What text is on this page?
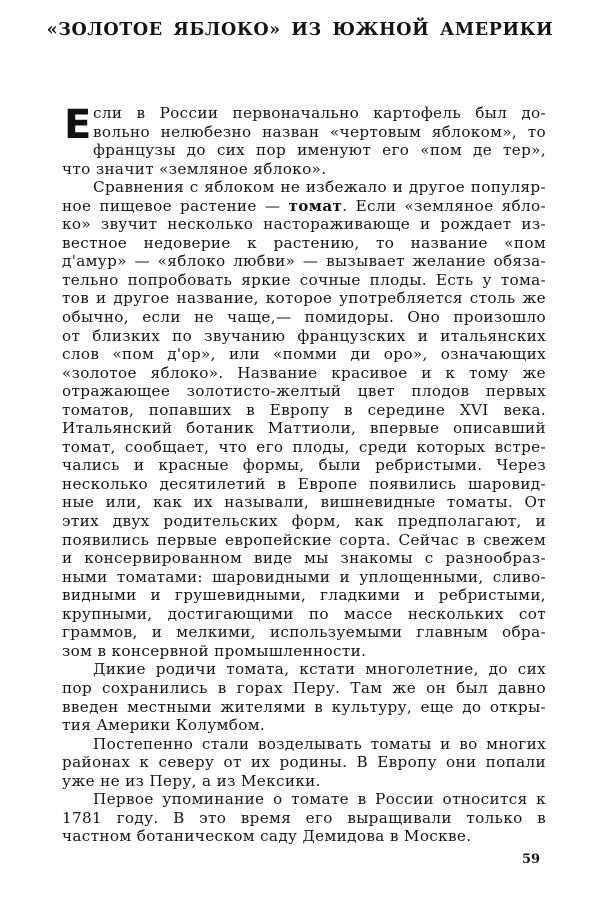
«ЗОЛОТОЕ ЯБЛОКО» ИЗ ЮЖНОЙ АМЕРИКИ
Е сли в России первоначально картофель был до-
вольно нелюбезно назван «чертовым яблоком», то
французы до сих пор именуют его «пом де тер»,
что значит «земляное яблоко».
Сравнения с яблоком не избежало и другое популяр-
ное пищевое растение — томат. Если «земляное ябло-
ко» звучит несколько настораживающе и рождает из-
вестное недоверие к растению, то название «пом
д'амур» — «яблоко любви» — вызывает желание обяза-
тельно попробовать яркие сочные плоды. Есть у тома-
тов и другое название, которое употребляется столь же
обычно, если не чаще,— помидоры. Оно произошло
от близких по звучанию французских и итальянских
слов «пом д'ор», или «помми ди оро», означающих
«золотое яблоко». Название красивое и к тому же
отражающее золотисто-желтый цвет плодов первых
томатов, попавших в Европу в середине XVI века.
Итальянский ботаник Маттиоли, впервые описавший
томат, сообщает, что его плоды, среди которых встре-
чались и красные формы, были ребристыми. Через
несколько десятилетий в Европе появились шаровид-
ные или, как их называли, вишневидные томаты. От
этих двух родительских форм, как предполагают, и
появились первые европейские сорта. Сейчас в свежем
и консервированном виде мы знакомы с разнообраз-
ными томатами: шаровидными и уплощенными, сливо-
видными и грушевидными, гладкими и ребристыми,
крупными, достигающими по массе нескольких сот
граммов, и мелкими, используемыми главным обра-
зом в консервной промышленности.
Дикие родичи томата, кстати многолетние, до сих
пор сохранились в горах Перу. Там же он был давно
введен местными жителями в культуру, еще до откры-
тия Америки Колумбом.
Постепенно стали возделывать томаты и во многих
районах к северу от их родины. В Европу они попали
уже не из Перу, а из Мексики.
Первое упоминание о томате в России относится к
1781 году. В это время его выращивали только в
частном ботаническом саду Демидова в Москве.
59
